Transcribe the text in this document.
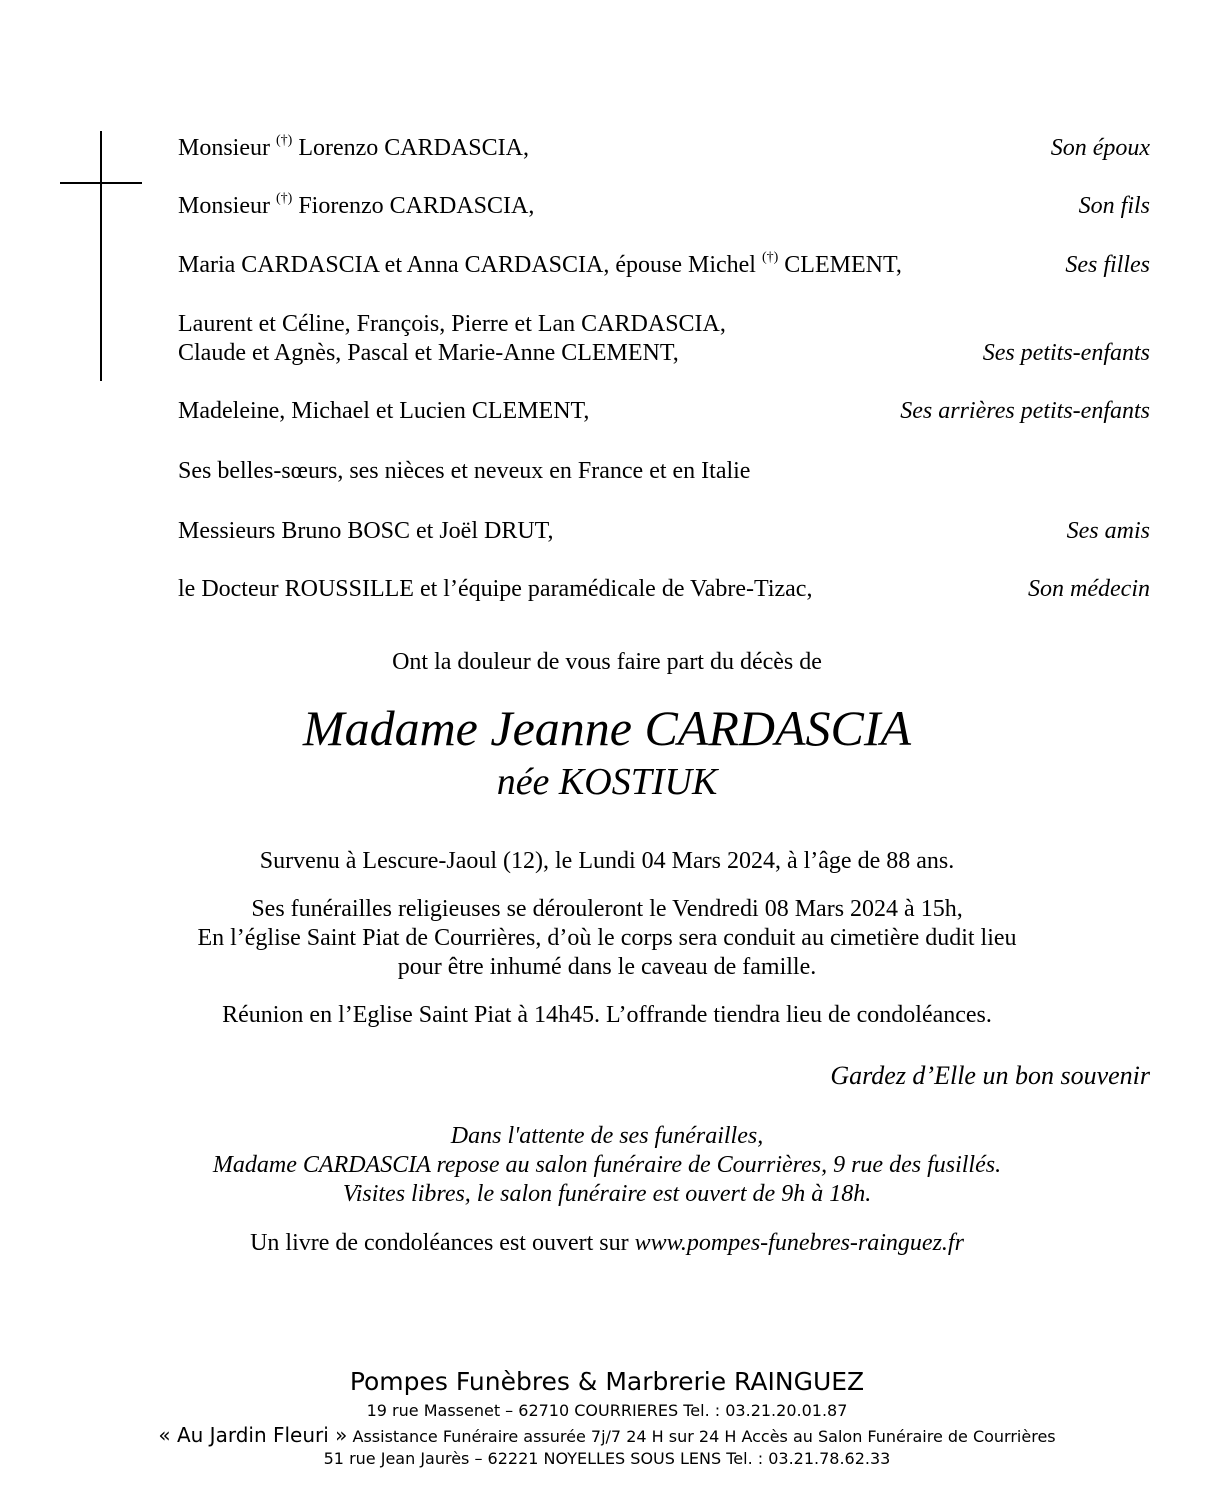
Monsieur (†) Lorenzo CARDASCIA,	Son époux
Monsieur (†) Fiorenzo CARDASCIA,	Son fils
Maria CARDASCIA et Anna CARDASCIA, épouse Michel (†) CLEMENT,	Ses filles
Laurent et Céline, François, Pierre et Lan CARDASCIA,
Claude et Agnès, Pascal et Marie-Anne CLEMENT,	Ses petits-enfants
Madeleine, Michael et Lucien CLEMENT,	Ses arrières petits-enfants
Ses belles-sœurs, ses nièces et neveux en France et en Italie
Messieurs Bruno BOSC et Joël DRUT,	Ses amis
le Docteur ROUSSILLE et l’équipe paramédicale de Vabre-Tizac,	Son médecin
Ont la douleur de vous faire part du décès de
Madame Jeanne CARDASCIA
née KOSTIUK
Survenu à Lescure-Jaoul (12), le Lundi 04 Mars 2024, à l’âge de 88 ans.
Ses funérailles religieuses se dérouleront le Vendredi 08 Mars 2024 à 15h,
En l’église Saint Piat de Courrières, d’où le corps sera conduit au cimetière dudit lieu
pour être inhumé dans le caveau de famille.
Réunion en l’Eglise Saint Piat à 14h45. L’offrande tiendra lieu de condoléances.
Gardez d’Elle un bon souvenir
Dans l'attente de ses funérailles,
Madame CARDASCIA repose au salon funéraire de Courrières, 9 rue des fusillés.
Visites libres, le salon funéraire est ouvert de 9h à 18h.
Un livre de condoléances est ouvert sur www.pompes-funebres-rainguez.fr
Pompes Funèbres & Marbrerie RAINGUEZ
19 rue Massenet – 62710 COURRIERES Tel. : 03.21.20.01.87
« Au Jardin Fleuri » Assistance Funéraire assurée 7j/7 24 H sur 24 H Accès au Salon Funéraire de Courrières
51 rue Jean Jaurès – 62221 NOYELLES SOUS LENS Tel. : 03.21.78.62.33
